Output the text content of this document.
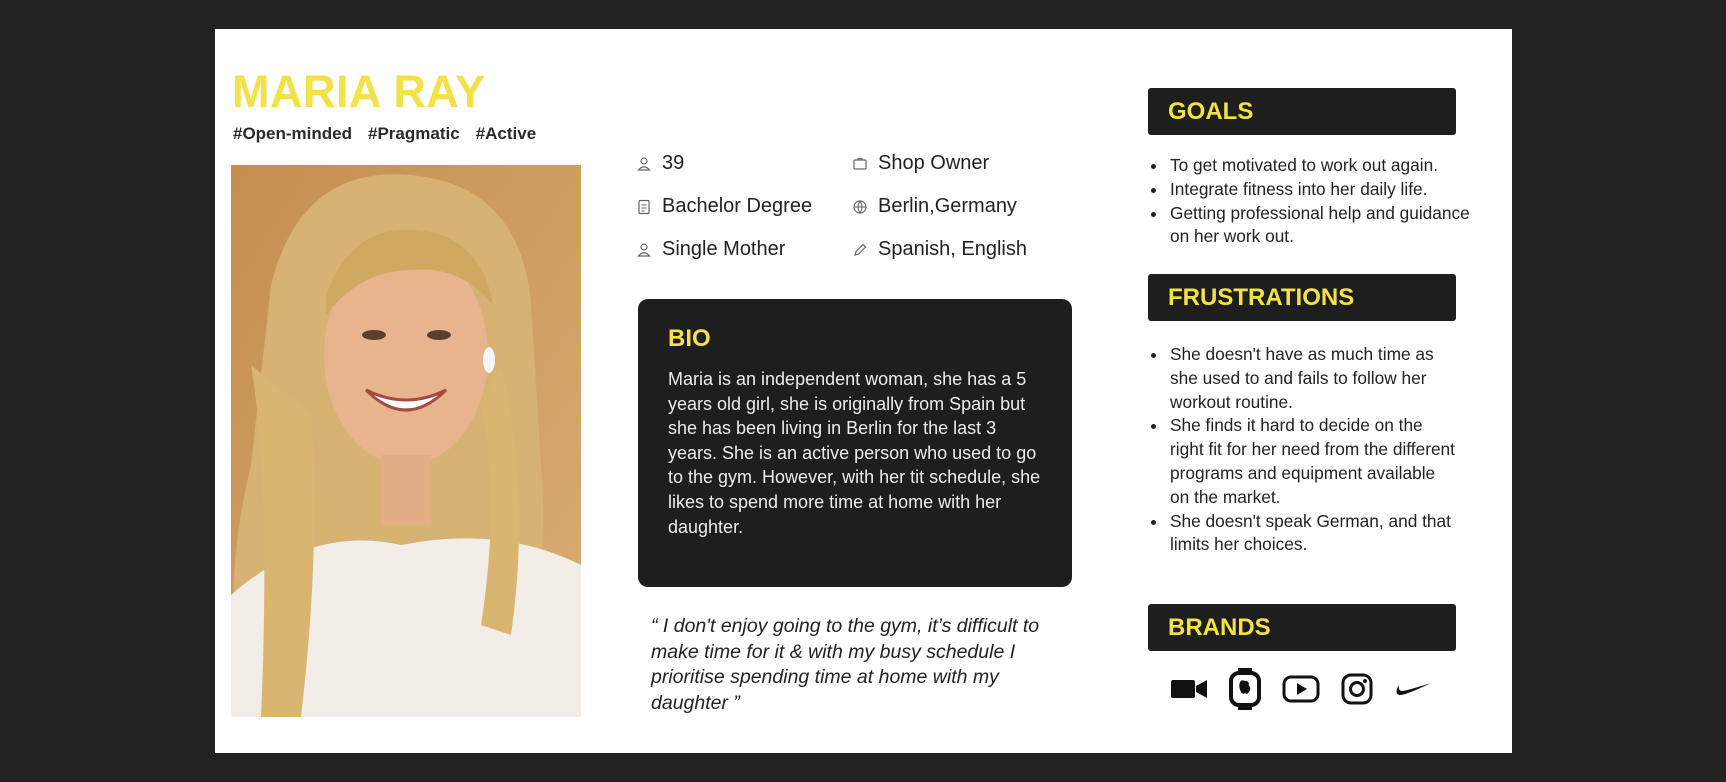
MARIA RAY
#Open-minded #Pragmatic #Active
39	Shop Owner
Bachelor Degree	Berlin,Germany
Single Mother	Spanish, English
BIO
Maria is an independent woman, she has a 5 years old girl, she is originally from Spain but she has been living in Berlin for the last 3 years. She is an active person who used to go to the gym. However, with her tit schedule, she likes to spend more time at home with her daughter.
“ I don't enjoy going to the gym, it’s difficult to make time for it & with my busy schedule I prioritise spending time at home with my daughter ”
GOALS
• To get motivated to work out again.
• Integrate fitness into her daily life.
• Getting professional help and guidance on her work out.
FRUSTRATIONS
• She doesn't have as much time as she used to and fails to follow her workout routine.
• She finds it hard to decide on the right fit for her need from the different programs and equipment available on the market.
• She doesn't speak German, and that limits her choices.
BRANDS
